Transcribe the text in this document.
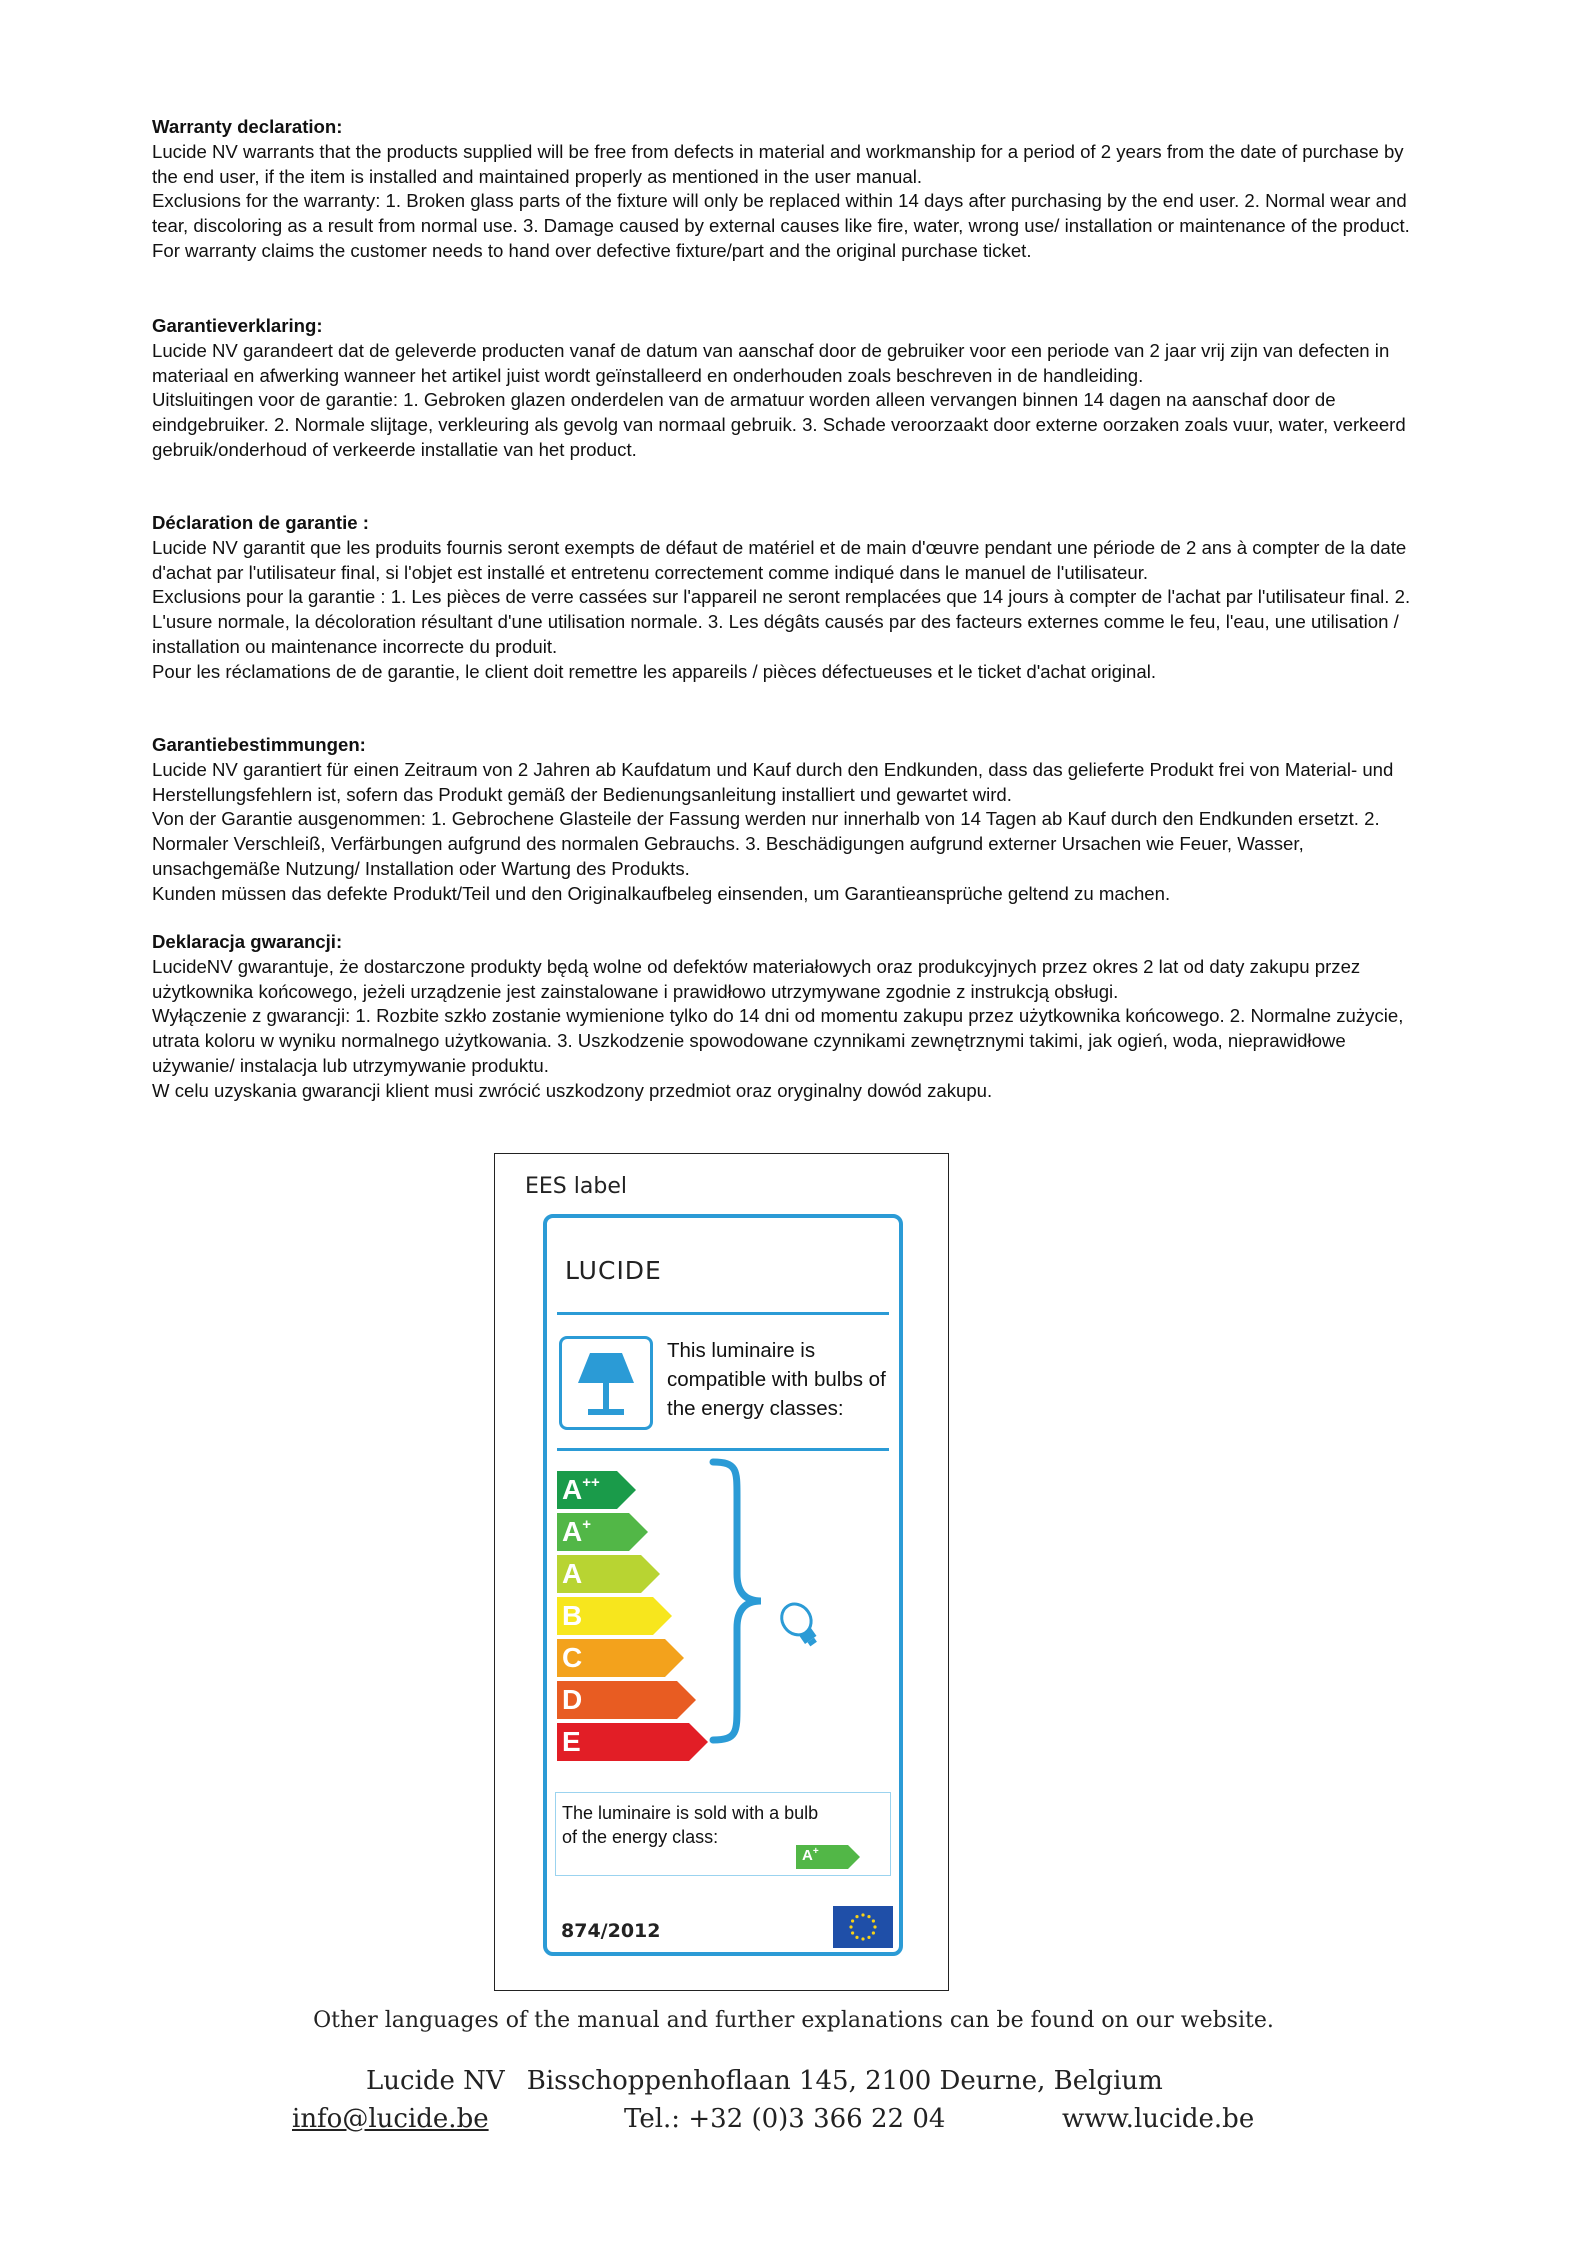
Warranty declaration:

Lucide NV warrants that the products supplied will be free from defects in material and workmanship for a period of 2 years from the date of purchase by the end user, if the item is installed and maintained properly as mentioned in the user manual.
Exclusions for the warranty: 1. Broken glass parts of the fixture will only be replaced within 14 days after purchasing by the end user. 2. Normal wear and tear, discoloring as a result from normal use. 3. Damage caused by external causes like fire, water, wrong use/ installation or maintenance of the product.
For warranty claims the customer needs to hand over defective fixture/part and the original purchase ticket.

Garantieverklaring:

Lucide NV garandeert dat de geleverde producten vanaf de datum van aanschaf door de gebruiker voor een periode van 2 jaar vrij zijn van defecten in materiaal en afwerking wanneer het artikel juist wordt geïnstalleerd en onderhouden zoals beschreven in de handleiding.
Uitsluitingen voor de garantie: 1. Gebroken glazen onderdelen van de armatuur worden alleen vervangen binnen 14 dagen na aanschaf door de eindgebruiker. 2. Normale slijtage, verkleuring als gevolg van normaal gebruik. 3. Schade veroorzaakt door externe oorzaken zoals vuur, water, verkeerd gebruik/onderhoud of verkeerde installatie van het product.

Déclaration de garantie :

Lucide NV garantit que les produits fournis seront exempts de défaut de matériel et de main d'œuvre pendant une période de 2 ans à compter de la date d'achat par l'utilisateur final, si l'objet est installé et entretenu correctement comme indiqué dans le manuel de l'utilisateur.
Exclusions pour la garantie : 1. Les pièces de verre cassées sur l'appareil ne seront remplacées que 14 jours à compter de l'achat par l'utilisateur final. 2. L'usure normale, la décoloration résultant d'une utilisation normale. 3. Les dégâts causés par des facteurs externes comme le feu, l'eau, une utilisation / installation ou maintenance incorrecte du produit.
Pour les réclamations de de garantie, le client doit remettre les appareils / pièces défectueuses et le ticket d'achat original.

Garantiebestimmungen:

Lucide NV garantiert für einen Zeitraum von 2 Jahren ab Kaufdatum und Kauf durch den Endkunden, dass das gelieferte Produkt frei von Material- und Herstellungsfehlern ist, sofern das Produkt gemäß der Bedienungsanleitung installiert und gewartet wird.
Von der Garantie ausgenommen: 1. Gebrochene Glasteile der Fassung werden nur innerhalb von 14 Tagen ab Kauf durch den Endkunden ersetzt. 2. Normaler Verschleiß, Verfärbungen aufgrund des normalen Gebrauchs. 3. Beschädigungen aufgrund externer Ursachen wie Feuer, Wasser, unsachgemäße Nutzung/ Installation oder Wartung des Produkts.
Kunden müssen das defekte Produkt/Teil und den Originalkaufbeleg einsenden, um Garantieansprüche geltend zu machen.

Deklaracja gwarancji:

LucideNV gwarantuje, że dostarczone produkty będą wolne od defektów materiałowych oraz produkcyjnych przez okres 2 lat od daty zakupu przez użytkownika końcowego, jeżeli urządzenie jest zainstalowane i prawidłowo utrzymywane zgodnie z instrukcją obsługi.
Wyłączenie z gwarancji: 1. Rozbite szkło zostanie wymienione tylko do 14 dni od momentu zakupu przez użytkownika końcowego. 2. Normalne zużycie, utrata koloru w wyniku normalnego użytkowania. 3. Uszkodzenie spowodowane czynnikami zewnętrznymi takimi, jak ogień, woda, nieprawidłowe używanie/ instalacja lub utrzymywanie produktu.
W celu uzyskania gwarancji klient musi zwrócić uszkodzony przedmiot oraz oryginalny dowód zakupu.

EES label
LUCIDE
This luminaire is compatible with bulbs of the energy classes:
A++
A+
A
B
C
D
E
The luminaire is sold with a bulb of the energy class:
A+
874/2012
Other languages of the manual and further explanations can be found on our website.
Lucide NV Bisschoppenhoflaan 145, 2100 Deurne, Belgium
info@lucide.be	Tel.: +32 (0)3 366 22 04	www.lucide.be
